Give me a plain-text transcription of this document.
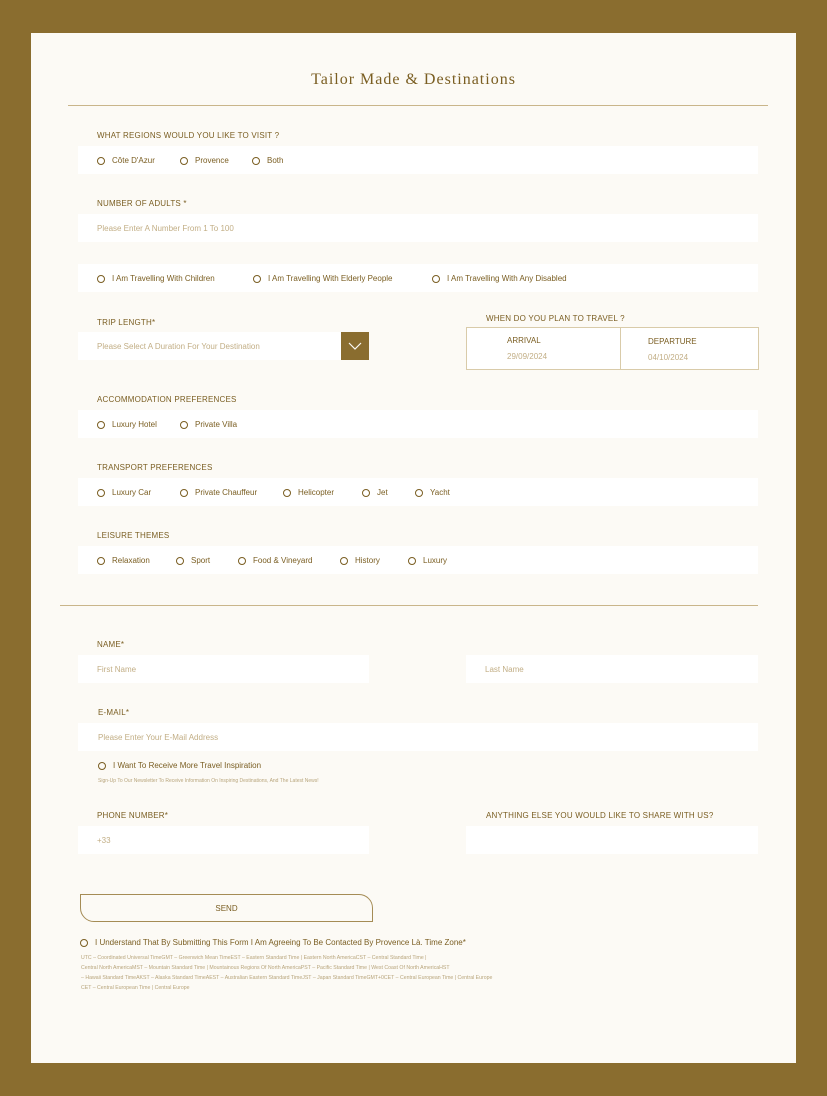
Tailor Made & Destinations
WHAT REGIONS WOULD YOU LIKE TO VISIT ?
Côte D'Azur	Provence	Both
NUMBER OF ADULTS *
Please Enter A Number From 1 To 100
I Am Travelling With Children	I Am Travelling With Elderly People	I Am Travelling With Any Disabled
TRIP LENGTH*
Please Select A Duration For Your Destination	WHEN DO YOU PLAN TO TRAVEL ?
ARRIVAL
29/09/2024
DEPARTURE
04/10/2024
ACCOMMODATION PREFERENCES
Luxury Hotel	Private Villa
TRANSPORT PREFERENCES
Luxury Car	Private Chauffeur	Helicopter	Jet	Yacht
LEISURE THEMES
Relaxation	Sport	Food & Vineyard	History	Luxury
NAME*
First Name
Last Name
E-MAIL*
Please Enter Your E-Mail Address
I Want To Receive More Travel Inspiration
Sign-Up To Our Newsletter To Receive Information On Inspiring Destinations, And The Latest News!
PHONE NUMBER*
+33	ANYTHING ELSE YOU WOULD LIKE TO SHARE WITH US?
SEND
I Understand That By Submitting This Form I Am Agreeing To Be Contacted By Provence Là. Time Zone*
UTC – Coordinated Universal TimeGMT – Greenwich Mean TimeEST – Eastern Standard Time | Eastern North AmericaCST – Central Standard Time |
Central North AmericaMST – Mountain Standard Time | Mountainous Regions Of North AmericaPST – Pacific Standard Time | West Coast Of North AmericaHST
– Hawaii Standard TimeAKST – Alaska Standard TimeAEST – Australian Eastern Standard TimeJST – Japan Standard TimeGMT+0CET – Central European Time | Central Europe
CET – Central European Time | Central Europe
